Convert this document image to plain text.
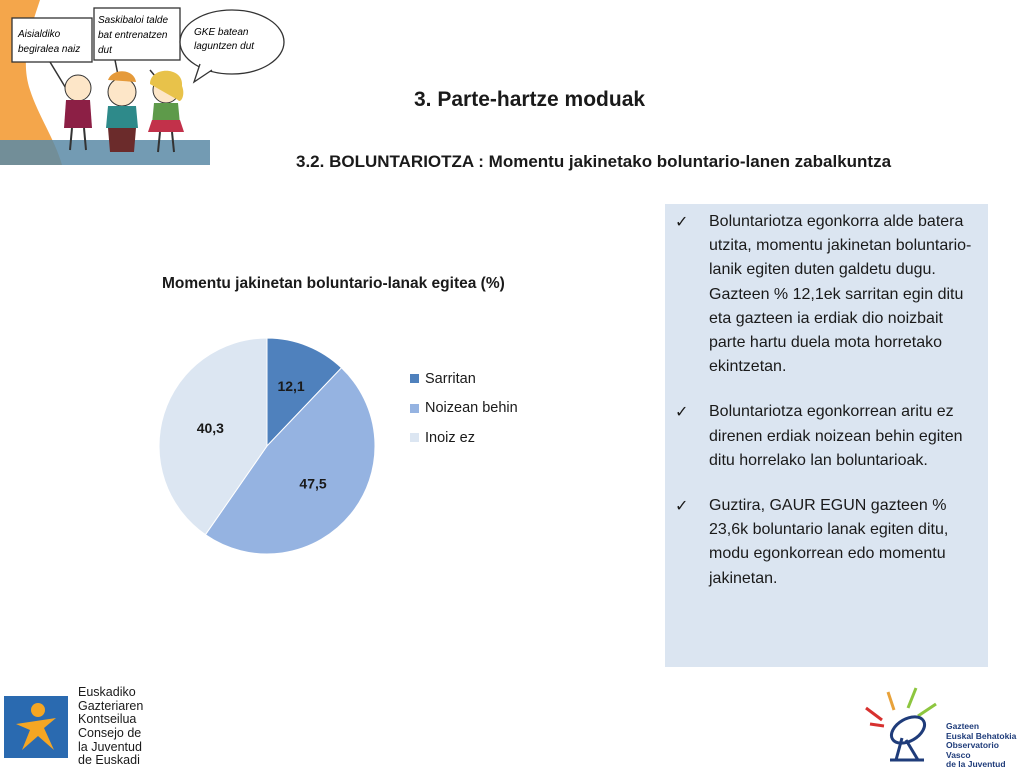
Aisialdiko
begiralea naiz
Saskibaloi talde
bat entrenatzen
dut
GKE batean
laguntzen dut
3. Parte-hartze moduak
3.2. BOLUNTARIOTZA : Momentu jakinetako boluntario-lanen zabalkuntza
Momentu jakinetan boluntario-lanak egitea (%)
12,1
47,5
40,3
Sarritan
Noizean behin
Inoiz ez
✓	Boluntariotza egonkorra alde batera utzita, momentu jakinetan boluntario-lanik egiten duten galdetu dugu. Gazteen % 12,1ek sarritan egin ditu eta gazteen ia erdiak dio noizbait parte hartu duela mota horretako ekintzetan.
✓	Boluntariotza egonkorrean aritu ez direnen erdiak noizean behin egiten ditu horrelako lan boluntarioak.
✓	Guztira, GAUR EGUN gazteen % 23,6k boluntario lanak egiten ditu, modu egonkorrean edo momentu jakinetan.
Euskadiko
Gazteriaren
Kontseilua
Consejo de
la Juventud
de Euskadi
Gazteen
Euskal Behatokia
Observatorio Vasco
de la Juventud
